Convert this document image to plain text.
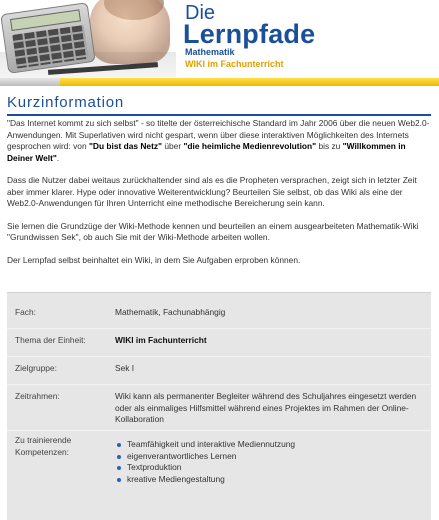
Die
Lernpfade
Mathematik
WIKI im Fachunterricht
Kurzinformation

"Das Internet kommt zu sich selbst" - so titelte der österreichische Standard im Jahr 2006 über die neuen Web2.0-Anwendungen. Mit Superlativen wird nicht gespart, wenn über diese interaktiven Möglichkeiten des Internets gesprochen wird: von "Du bist das Netz" über "die heimliche Medienrevolution" bis zu "Willkommen in Deiner Welt".

Dass die Nutzer dabei weitaus zurückhaltender sind als es die Propheten versprachen, zeigt sich in letzter Zeit aber immer klarer. Hype oder innovative Weiterentwicklung? Beurteilen Sie selbst, ob das Wiki als eine der Web2.0-Anwendungen für Ihren Unterricht eine methodische Bereicherung sein kann.

Sie lernen die Grundzüge der Wiki-Methode kennen und beurteilen an einem ausgearbeiteten Mathematik-Wiki "Grundwissen Sek", ob auch Sie mit der Wiki-Methode arbeiten wollen.

Der Lernpfad selbst beinhaltet ein Wiki, in dem Sie Aufgaben erproben können.

Fach:	Mathematik, Fachunabhängig
Thema der Einheit:	WIKI im Fachunterricht
Zielgruppe:	Sek I
Zeitrahmen:	Wiki kann als permanenter Begleiter während des Schuljahres eingesetzt werden oder als einmaliges Hilfsmittel während eines Projektes im Rahmen der Online-Kollaboration
Zu trainierende Kompetenzen:
Teamfähigkeit und interaktive Mediennutzung
eigenverantwortliches Lernen
Textproduktion
kreative Mediengestaltung
